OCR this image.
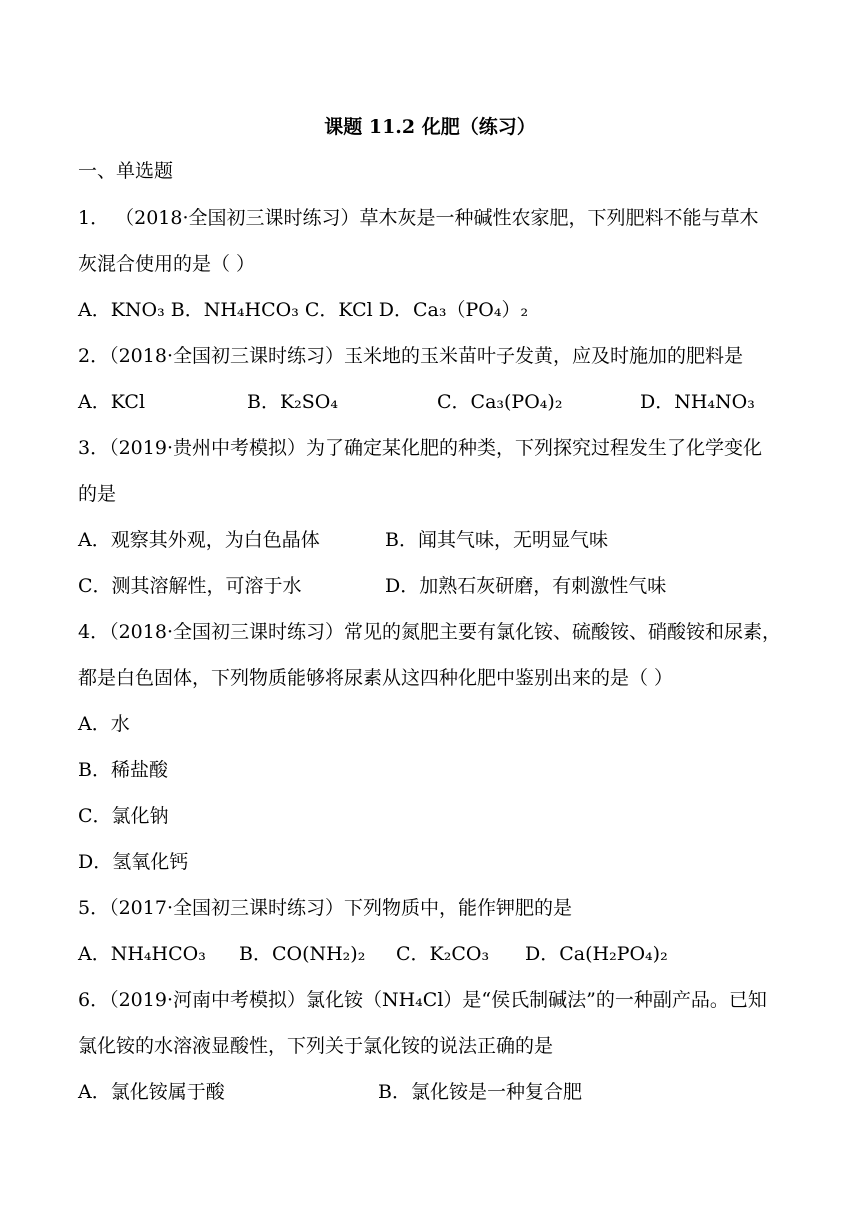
课题 11.2 化肥（练习）
一、单选题
1． （2018·全国初三课时练习）草木灰是一种碱性农家肥，下列肥料不能与草木
灰混合使用的是（ ）
A．KNO₃ B．NH₄HCO₃ C．KCl D．Ca₃（PO₄）₂
2．（2018·全国初三课时练习）玉米地的玉米苗叶子发黄，应及时施加的肥料是
A．KCl	B．K₂SO₄	C．Ca₃(PO₄)₂	D．NH₄NO₃
3．（2019·贵州中考模拟）为了确定某化肥的种类，下列探究过程发生了化学变化
的是
A．观察其外观，为白色晶体	B．闻其气味，无明显气味
C．测其溶解性，可溶于水	D．加熟石灰研磨，有刺激性气味
4．（2018·全国初三课时练习）常见的氮肥主要有氯化铵、硫酸铵、硝酸铵和尿素，
都是白色固体，下列物质能够将尿素从这四种化肥中鉴别出来的是（ ）
A．水
B．稀盐酸
C．氯化钠
D．氢氧化钙
5．（2017·全国初三课时练习）下列物质中，能作钾肥的是
A．NH₄HCO₃ B．CO(NH₂)₂ C．K₂CO₃ D．Ca(H₂PO₄)₂
6．（2019·河南中考模拟）氯化铵（NH₄Cl）是“侯氏制碱法”的一种副产品。已知
氯化铵的水溶液显酸性，下列关于氯化铵的说法正确的是
A．氯化铵属于酸	B．氯化铵是一种复合肥
